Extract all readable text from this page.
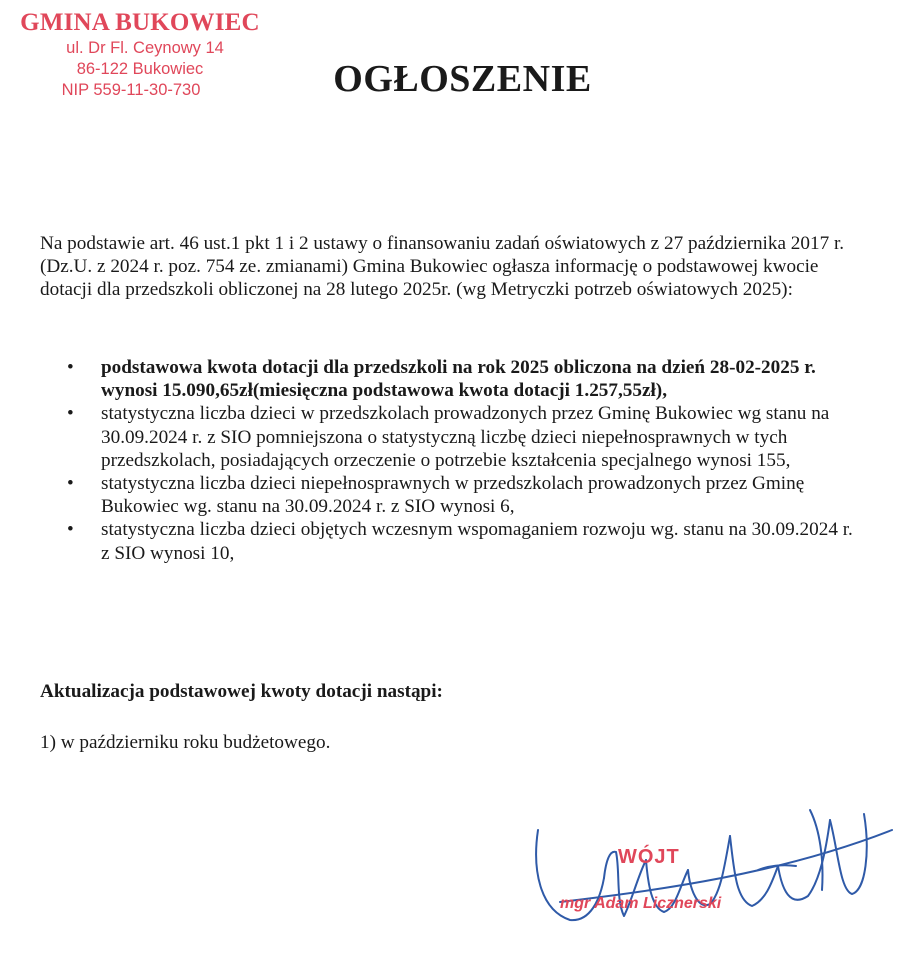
GMINA BUKOWIEC
ul. Dr Fl. Ceynowy 14
86-122 Bukowiec
NIP 559-11-30-730	OGŁOSZENIE
Na podstawie art. 46 ust.1 pkt 1 i 2 ustawy o finansowaniu zadań oświatowych z 27 października 2017 r. (Dz.U. z 2024 r. poz. 754 ze. zmianami) Gmina Bukowiec ogłasza informację o podstawowej kwocie dotacji dla przedszkoli obliczonej na 28 lutego 2025r. (wg Metryczki potrzeb oświatowych 2025):
• podstawowa kwota dotacji dla przedszkoli na rok 2025 obliczona na dzień 28-02-2025 r. wynosi 15.090,65zł(miesięczna podstawowa kwota dotacji 1.257,55zł),
• statystyczna liczba dzieci w przedszkolach prowadzonych przez Gminę Bukowiec wg stanu na 30.09.2024 r. z SIO pomniejszona o statystyczną liczbę dzieci niepełnosprawnych w tych przedszkolach, posiadających orzeczenie o potrzebie kształcenia specjalnego wynosi 155,
• statystyczna liczba dzieci niepełnosprawnych w przedszkolach prowadzonych przez Gminę Bukowiec wg. stanu na 30.09.2024 r. z SIO wynosi 6,
• statystyczna liczba dzieci objętych wczesnym wspomaganiem rozwoju wg. stanu na 30.09.2024 r. z SIO wynosi 10,
Aktualizacja podstawowej kwoty dotacji nastąpi:
1) w październiku roku budżetowego.
WÓJT
mgr Adam Licznerski
